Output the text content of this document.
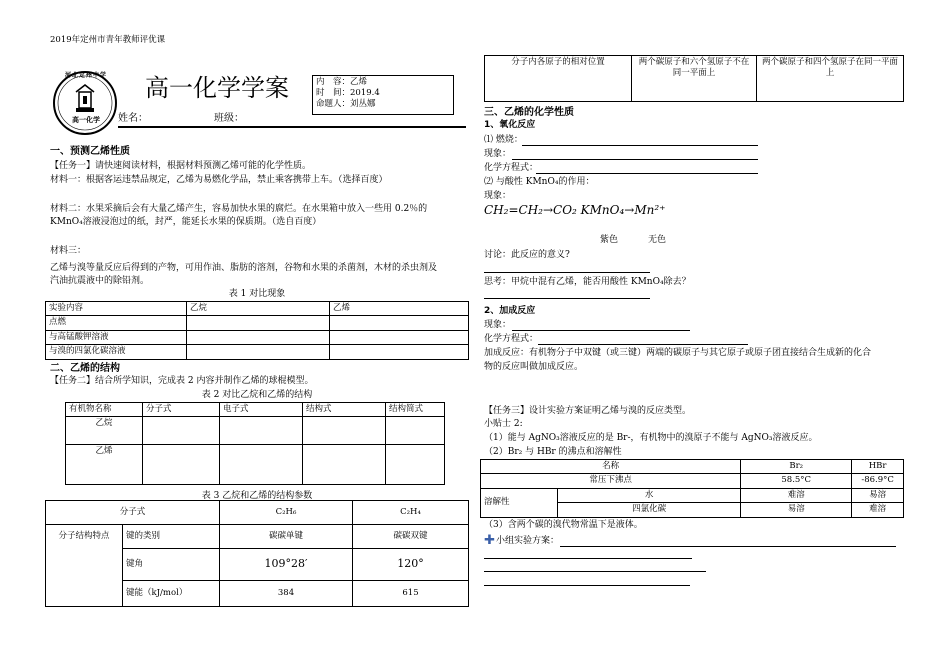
2019年定州市青年教师评优课
河北定州中学
高一化学
高一化学学案	内　容：乙烯
时　间：2019.4
命题人：刘丛娜
姓名：	班级：
一、预测乙烯性质
【任务一】请快速阅读材料，根据材料预测乙烯可能的化学性质。
材料一：根据客运违禁品规定，乙烯为易燃化学品，禁止乘客携带上车。（选择百度）
材料二：水果采摘后会有大量乙烯产生，容易加快水果的腐烂。在水果箱中放入一些用 0.2％的
KMnO₄溶液浸泡过的纸，封严，能延长水果的保质期。（选自百度）
材料三：
乙烯与溴等量反应后得到的产物，可用作油、脂肪的溶剂，谷物和水果的杀菌剂，木材的杀虫剂及
汽油抗震液中的除铅剂。
表 1 对比现象
实验内容	乙烷	乙烯
点燃		
与高锰酸钾溶液		
与溴的四氯化碳溶液		
二、乙烯的结构
【任务二】结合所学知识，完成表 2 内容并制作乙烯的球棍模型。
表 2 对比乙烷和乙烯的结构
有机物名称	分子式	电子式	结构式	结构简式
乙烷				
乙烯				
表 3 乙烷和乙烯的结构参数
分子式		C₂H₆	C₂H₄
分子结构特点	键的类别	碳碳单键	碳碳双键
	键角	109°28′	120°
	键能（kJ/mol）	384	615
分子内各原子的相对位置	两个碳原子和六个氢原子不在同一平面上	两个碳原子和四个氢原子在同一平面上
三、乙烯的化学性质
1、氧化反应
⑴ 燃烧：
现象：
化学方程式：
⑵ 与酸性 KMnO₄的作用：
现象：
CH₂=CH₂→CO₂ KMnO₄→Mn²⁺
紫色	无色
讨论：此反应的意义?
思考：甲烷中混有乙烯，能否用酸性 KMnO₄除去？
2、加成反应
现象：
化学方程式：
加成反应：有机物分子中双键（或三键）两端的碳原子与其它原子或原子团直接结合生成新的化合
物的反应叫做加成反应。
【任务三】设计实验方案证明乙烯与溴的反应类型。
小贴士 2:
（1）能与 AgNO₃溶液反应的是 Br-，有机物中的溴原子不能与 AgNO₃溶液反应。
（2）Br₂ 与 HBr 的沸点和溶解性
名称		Br₂	HBr
常压下沸点		58.5°C	-86.9°C
溶解性	水	难溶	易溶
	四氯化碳	易溶	难溶
（3）含两个碳的溴代物常温下是液体。
✚ 小组实验方案：
